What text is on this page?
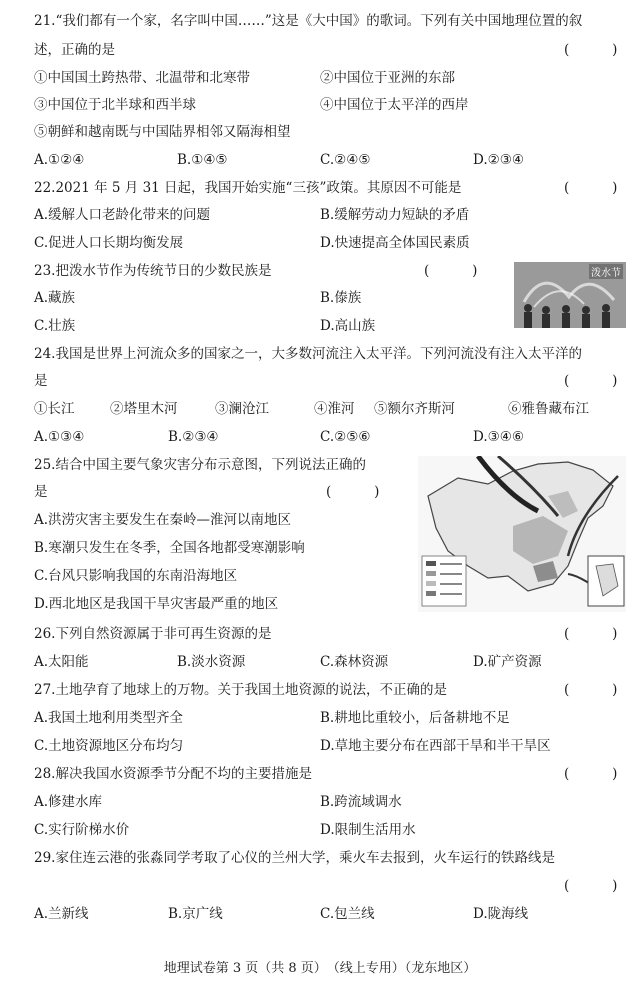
21.“我们都有一个家，名字叫中国……”这是《大中国》的歌词。下列有关中国地理位置的叙
述，正确的是	(          )
①中国国土跨热带、北温带和北寒带	②中国位于亚洲的东部
③中国位于北半球和西半球	④中国位于太平洋的西岸
⑤朝鲜和越南既与中国陆界相邻又隔海相望
A.①②④	B.①④⑤	C.②④⑤	D.②③④
22.2021 年 5 月 31 日起，我国开始实施“三孩”政策。其原因不可能是	(          )
A.缓解人口老龄化带来的问题	B.缓解劳动力短缺的矛盾
C.促进人口长期均衡发展	D.快速提高全体国民素质
23.把泼水节作为传统节日的少数民族是	(          )	泼水节
A.藏族	B.傣族
C.壮族	D.高山族
24.我国是世界上河流众多的国家之一，大多数河流注入太平洋。下列河流没有注入太平洋的
是	(          )
①长江	②塔里木河	③澜沧江	④淮河 ⑤额尔齐斯河	⑥雅鲁藏布江
A.①③④	B.②③④	C.②⑤⑥	D.③④⑥
25.结合中国主要气象灾害分布示意图，下列说法正确的
是	(          )
A.洪涝灾害主要发生在秦岭—淮河以南地区
B.寒潮只发生在冬季，全国各地都受寒潮影响
C.台风只影响我国的东南沿海地区
D.西北地区是我国干旱灾害最严重的地区
26.下列自然资源属于非可再生资源的是	(          )
A.太阳能	B.淡水资源	C.森林资源	D.矿产资源
27.土地孕育了地球上的万物。关于我国土地资源的说法，不正确的是	(          )
A.我国土地利用类型齐全	B.耕地比重较小，后备耕地不足
C.土地资源地区分布均匀	D.草地主要分布在西部干旱和半干旱区
28.解决我国水资源季节分配不均的主要措施是	(          )
A.修建水库	B.跨流域调水
C.实行阶梯水价	D.限制生活用水
29.家住连云港的张淼同学考取了心仪的兰州大学，乘火车去报到，火车运行的铁路线是
(          )
A.兰新线	B.京广线	C.包兰线	D.陇海线
地理试卷第 3 页（共 8 页）　（线上专用）（龙东地区）
